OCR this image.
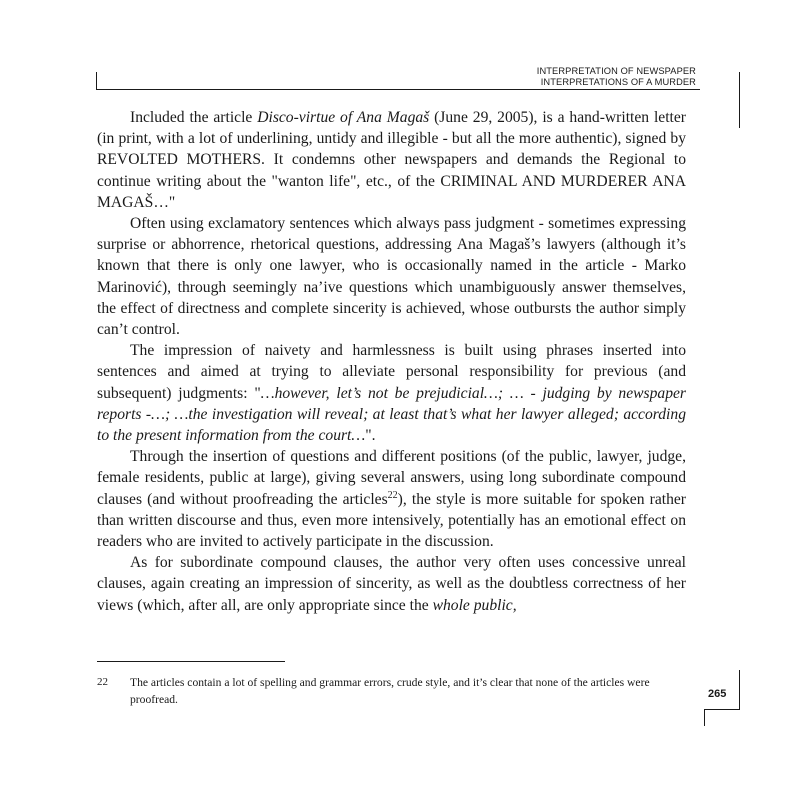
INTERPRETATION OF NEWSPAPER
INTERPRETATIONS OF A MURDER

Included the article Disco-virtue of Ana Magaš (June 29, 2005), is a hand-written letter (in print, with a lot of underlining, untidy and illegible - but all the more authentic), signed by REVOLTED MOTHERS. It condemns other newspapers and demands the Regional to continue writing about the "wanton life", etc., of the CRIMINAL AND MURDERER ANA MAGAŠ…"

Often using exclamatory sentences which always pass judgment - sometimes expressing surprise or abhorrence, rhetorical questions, addressing Ana Magaš’s lawyers (although it’s known that there is only one lawyer, who is occasionally named in the article - Marko Marinović), through seemingly na’ive questions which unambiguously answer themselves, the effect of directness and complete sincerity is achieved, whose outbursts the author simply can’t control.

The impression of naivety and harmlessness is built using phrases inserted into sentences and aimed at trying to alleviate personal responsibility for previous (and subsequent) judgments: "…however, let’s not be prejudicial…; … - judging by newspaper reports -…; …the investigation will reveal; at least that’s what her lawyer alleged; according to the present information from the court…".

Through the insertion of questions and different positions (of the public, lawyer, judge, female residents, public at large), giving several answers, using long subordinate compound clauses (and without proofreading the articles$^{22}$), the style is more suitable for spoken rather than written discourse and thus, even more intensively, potentially has an emotional effect on readers who are invited to actively participate in the discussion.

As for subordinate compound clauses, the author very often uses concessive unreal clauses, again creating an impression of sincerity, as well as the doubtless correctness of her views (which, after all, are only appropriate since the whole public,

22 The articles contain a lot of spelling and grammar errors, crude style, and it’s clear that none of the articles were proofread.	265
